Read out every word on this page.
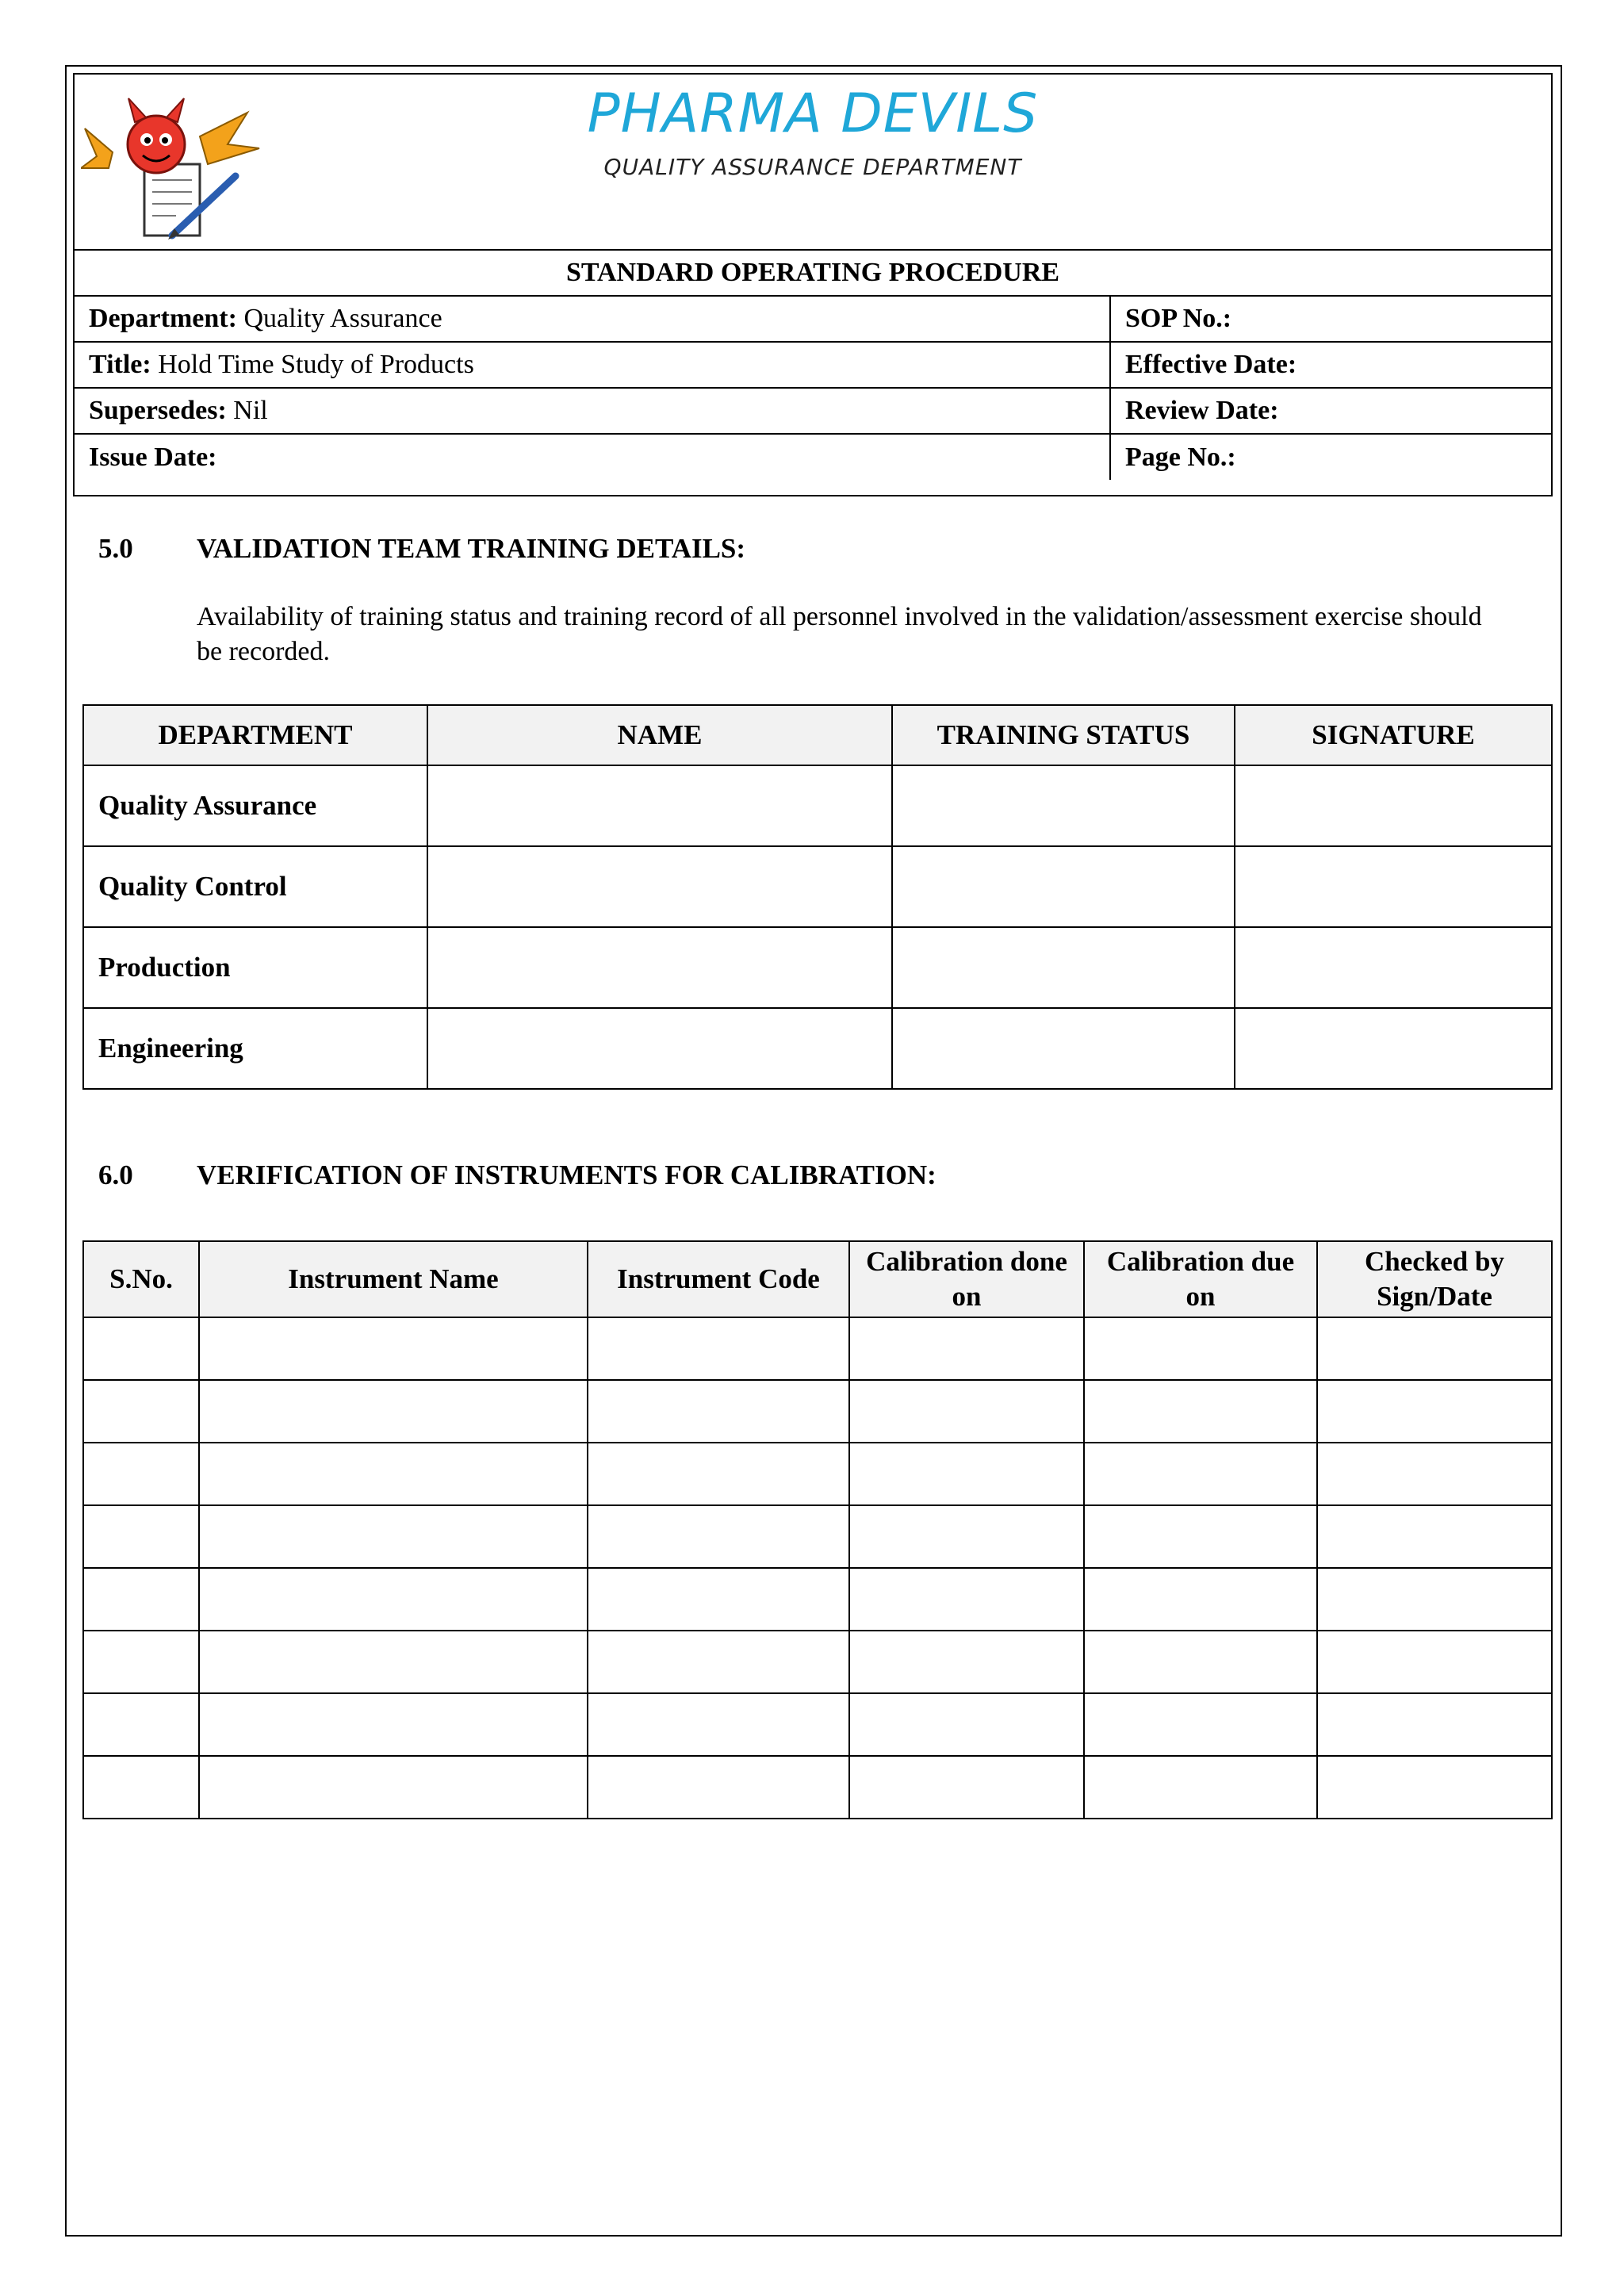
PHARMA DEVILS
QUALITY ASSURANCE DEPARTMENT
STANDARD OPERATING PROCEDURE	
Department: Quality Assurance	SOP No.:
Title: Hold Time Study of Products	Effective Date:
Supersedes: Nil	Review Date:
Issue Date:	Page No.:
5.0 VALIDATION TEAM TRAINING DETAILS:
Availability of training status and training record of all personnel involved in the validation/assessment exercise should be recorded.
DEPARTMENT	NAME	TRAINING STATUS	SIGNATURE
Quality Assurance			
Quality Control			
Production			
Engineering			
6.0 VERIFICATION OF INSTRUMENTS FOR CALIBRATION:
S.No.	Instrument Name	Instrument Code	Calibration done on	Calibration due on	Checked by Sign/Date
